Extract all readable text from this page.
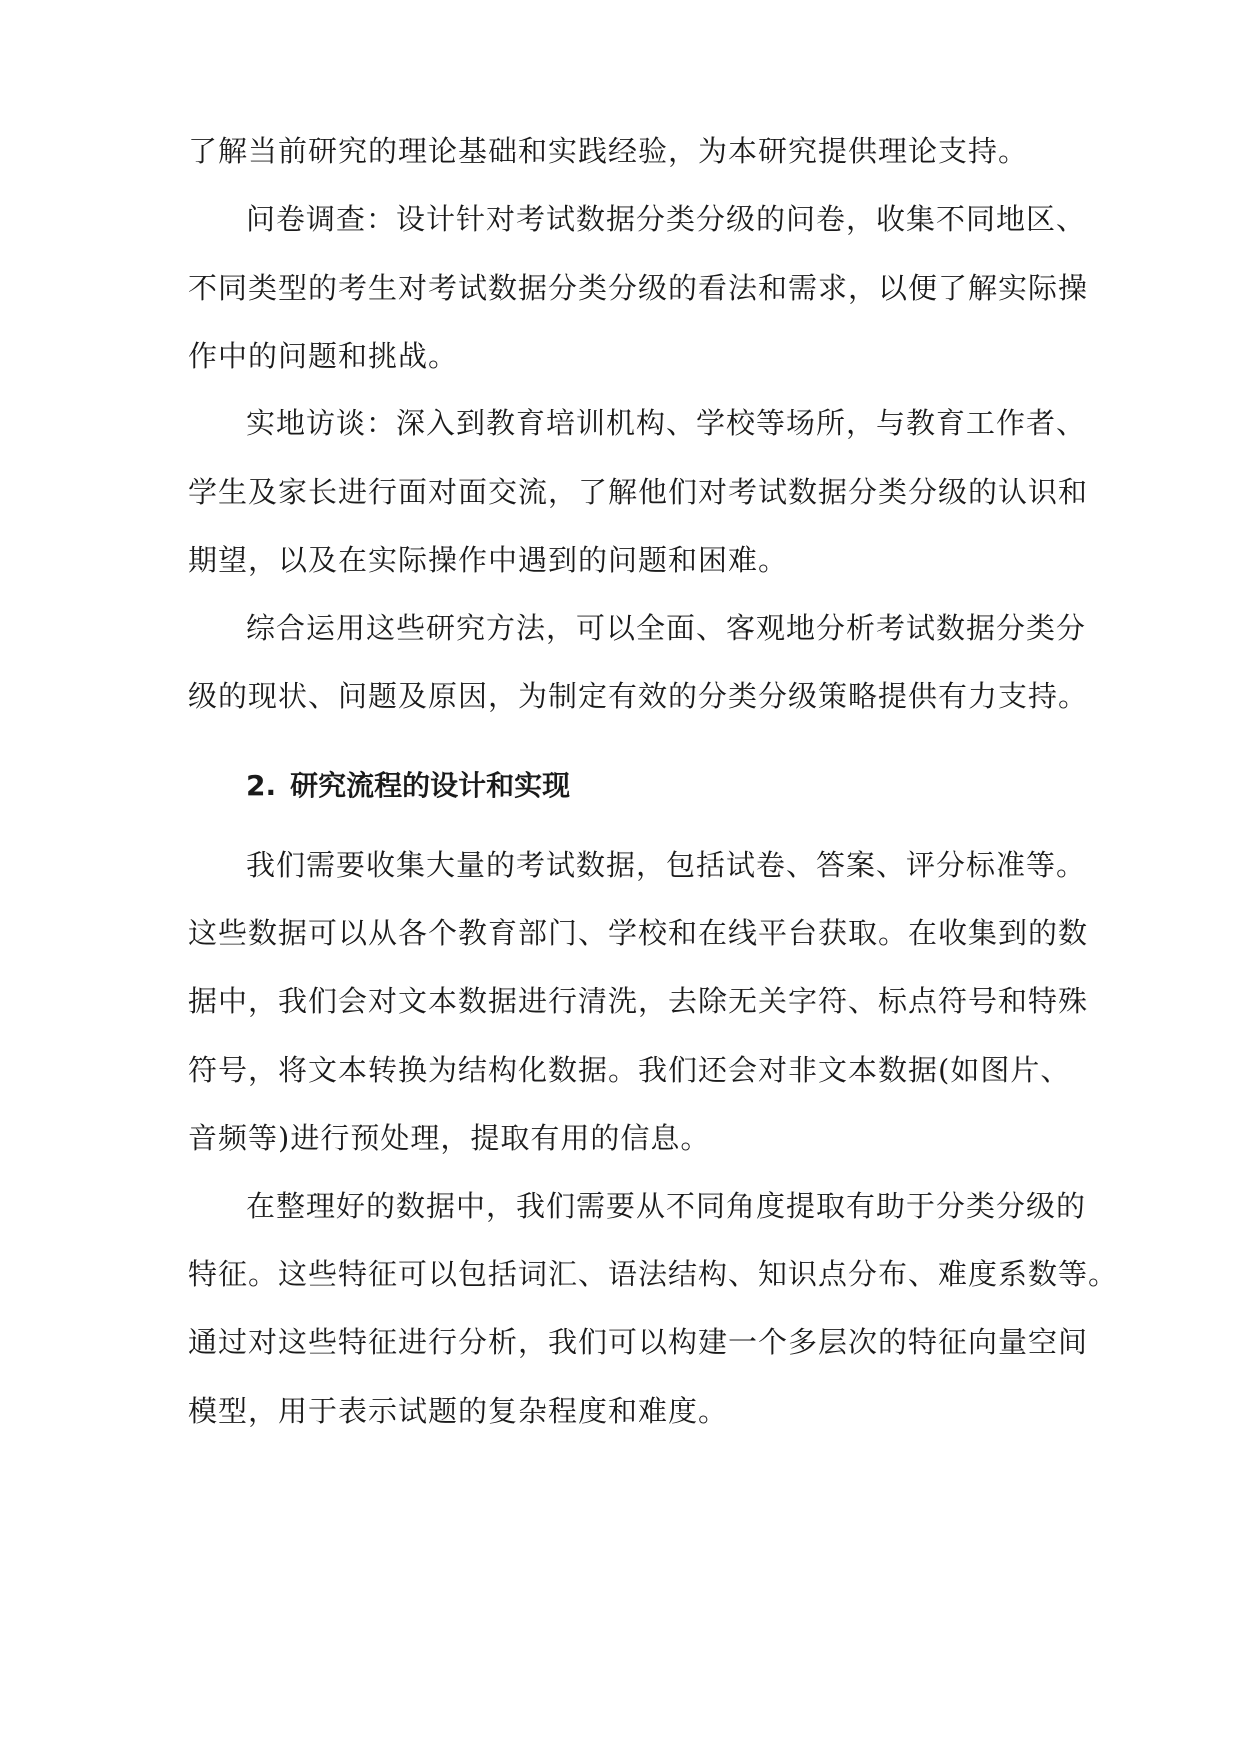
了解当前研究的理论基础和实践经验，为本研究提供理论支持。

问卷调查：设计针对考试数据分类分级的问卷，收集不同地区、

不同类型的考生对考试数据分类分级的看法和需求，以便了解实际操

作中的问题和挑战。

实地访谈：深入到教育培训机构、学校等场所，与教育工作者、

学生及家长进行面对面交流，了解他们对考试数据分类分级的认识和

期望，以及在实际操作中遇到的问题和困难。

综合运用这些研究方法，可以全面、客观地分析考试数据分类分

级的现状、问题及原因，为制定有效的分类分级策略提供有力支持。

2. 研究流程的设计和实现

我们需要收集大量的考试数据，包括试卷、答案、评分标准等。

这些数据可以从各个教育部门、学校和在线平台获取。在收集到的数

据中，我们会对文本数据进行清洗，去除无关字符、标点符号和特殊

符号，将文本转换为结构化数据。我们还会对非文本数据(如图片、

音频等)进行预处理，提取有用的信息。

在整理好的数据中，我们需要从不同角度提取有助于分类分级的

特征。这些特征可以包括词汇、语法结构、知识点分布、难度系数等。

通过对这些特征进行分析，我们可以构建一个多层次的特征向量空间

模型，用于表示试题的复杂程度和难度。
